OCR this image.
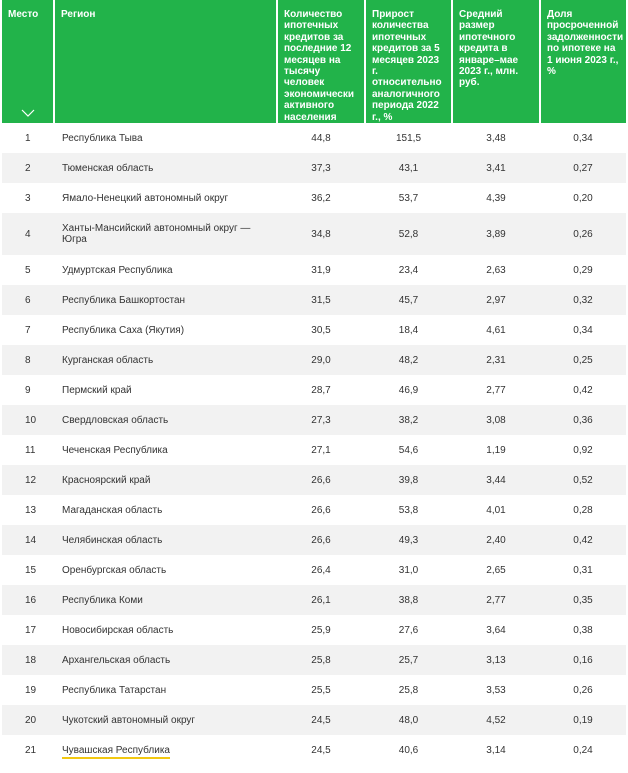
Место	Регион	Количество ипотечных кредитов за последние 12 месяцев на тысячу человек экономически активного населения	Прирост количества ипотечных кредитов за 5 месяцев 2023 г. относительно аналогичного периода 2022 г., %	Средний размер ипотечного кредита в январе–мае 2023 г., млн. руб.	Доля просроченной задолженности по ипотеке на 1 июня 2023 г., %
1	Республика Тыва	44,8	151,5	3,48	0,34
2	Тюменская область	37,3	43,1	3,41	0,27
3	Ямало-Ненецкий автономный округ	36,2	53,7	4,39	0,20
4	Ханты-Мансийский автономный округ — Югра	34,8	52,8	3,89	0,26
5	Удмуртская Республика	31,9	23,4	2,63	0,29
6	Республика Башкортостан	31,5	45,7	2,97	0,32
7	Республика Саха (Якутия)	30,5	18,4	4,61	0,34
8	Курганская область	29,0	48,2	2,31	0,25
9	Пермский край	28,7	46,9	2,77	0,42
10	Свердловская область	27,3	38,2	3,08	0,36
11	Чеченская Республика	27,1	54,6	1,19	0,92
12	Красноярский край	26,6	39,8	3,44	0,52
13	Магаданская область	26,6	53,8	4,01	0,28
14	Челябинская область	26,6	49,3	2,40	0,42
15	Оренбургская область	26,4	31,0	2,65	0,31
16	Республика Коми	26,1	38,8	2,77	0,35
17	Новосибирская область	25,9	27,6	3,64	0,38
18	Архангельская область	25,8	25,7	3,13	0,16
19	Республика Татарстан	25,5	25,8	3,53	0,26
20	Чукотский автономный округ	24,5	48,0	4,52	0,19
21	Чувашская Республика	24,5	40,6	3,14	0,24
